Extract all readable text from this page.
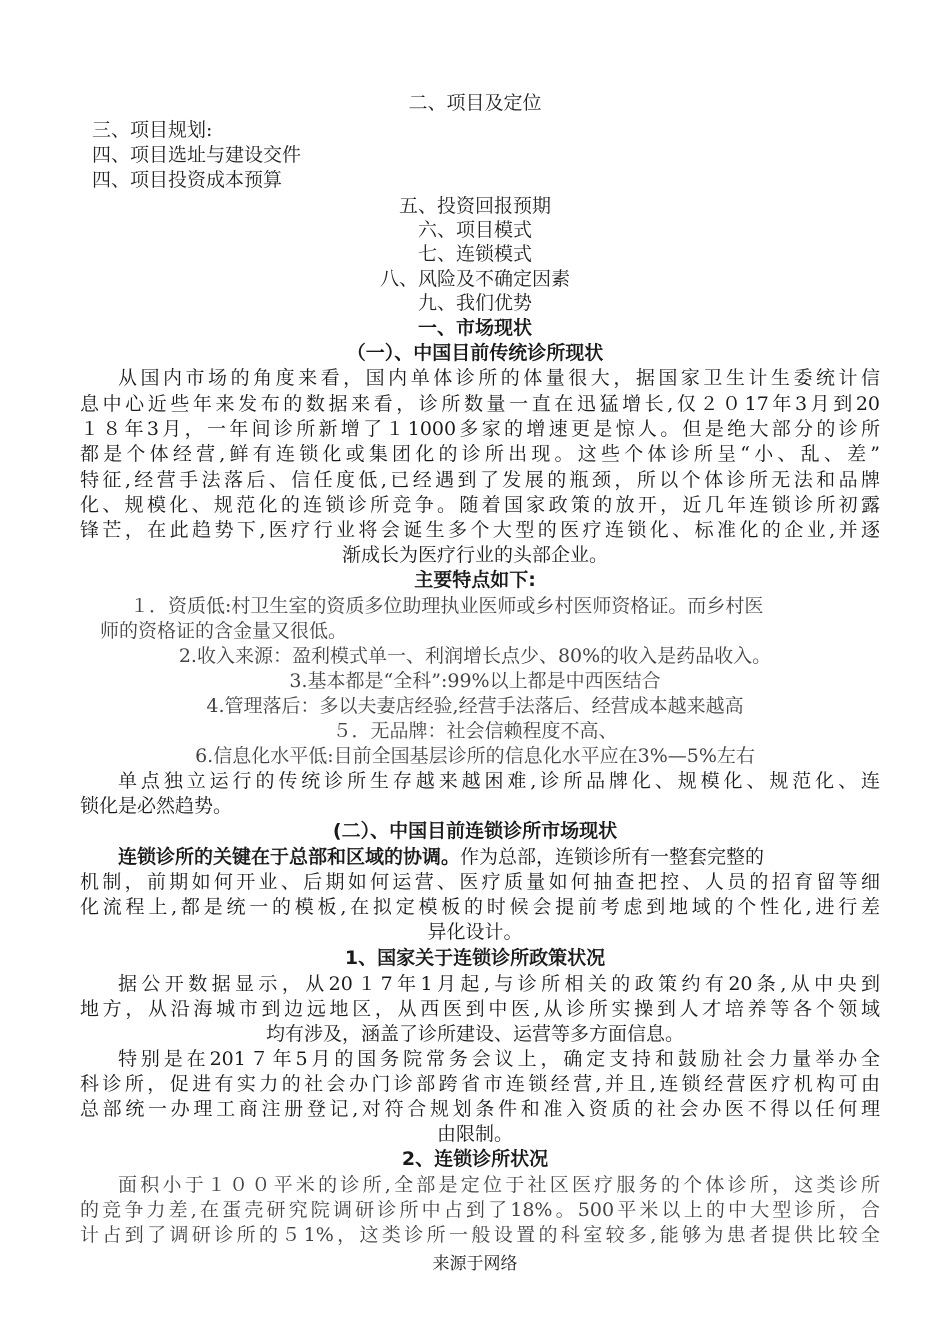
二、项目及定位
三、项目规划:
四、项目选址与建设交件
四、项目投资成本预算
五、投资回报预期
六、项目模式
七、连锁模式
八、风险及不确定因素
九、我们优势
一、市场现状
（一）、中国目前传统诊所现状
从国内市场的角度来看，国内单体诊所的体量很大，据国家卫生计生委统计信
息中心近些年来发布的数据来看，诊所数量一直在迅猛增长,仅２０17年3月到20
１８年3月，一年间诊所新增了１1000多家的增速更是惊人。但是绝大部分的诊所
都是个体经营,鲜有连锁化或集团化的诊所出现。这些个体诊所呈“小、乱、差”
特征,经营手法落后、信任度低,已经遇到了发展的瓶颈，所以个体诊所无法和品牌
化、规模化、规范化的连锁诊所竞争。随着国家政策的放开，近几年连锁诊所初露
锋芒，在此趋势下,医疗行业将会诞生多个大型的医疗连锁化、标准化的企业,并逐
渐成长为医疗行业的头部企业。
主要特点如下:
１．资质低:村卫生室的资质多位助理执业医师或乡村医师资格证。而乡村医
师的资格证的含金量又很低。
2.收入来源：盈利模式单一、利润增长点少、80%的收入是药品收入。
3.基本都是“全科”:99%以上都是中西医结合
4.管理落后：多以夫妻店经验,经营手法落后、经营成本越来越高
５．无品牌：社会信赖程度不高、
6.信息化水平低:目前全国基层诊所的信息化水平应在3%—5%左右
单点独立运行的传统诊所生存越来越困难,诊所品牌化、规模化、规范化、连
锁化是必然趋势。
(二）、中国目前连锁诊所市场现状
连锁诊所的关键在于总部和区域的协调。作为总部，连锁诊所有一整套完整的
机制，前期如何开业、后期如何运营、医疗质量如何抽查把控、人员的招育留等细
化流程上,都是统一的模板,在拟定模板的时候会提前考虑到地域的个性化,进行差
异化设计。
1、国家关于连锁诊所政策状况
据公开数据显示，从20１7年1月起,与诊所相关的政策约有20条,从中央到
地方，从沿海城市到边远地区，从西医到中医,从诊所实操到人才培养等各个领域
均有涉及，涵盖了诊所建设、运营等多方面信息。
特别是在201７年5月的国务院常务会议上，确定支持和鼓励社会力量举办全
科诊所，促进有实力的社会办门诊部跨省市连锁经营,并且,连锁经营医疗机构可由
总部统一办理工商注册登记,对符合规划条件和准入资质的社会办医不得以任何理
由限制。
2、连锁诊所状况
面积小于１００平米的诊所,全部是定位于社区医疗服务的个体诊所，这类诊所
的竞争力差,在蛋壳研究院调研诊所中占到了18%。500平米以上的中大型诊所，合
计占到了调研诊所的５1%，这类诊所一般设置的科室较多,能够为患者提供比较全
来源于网络
